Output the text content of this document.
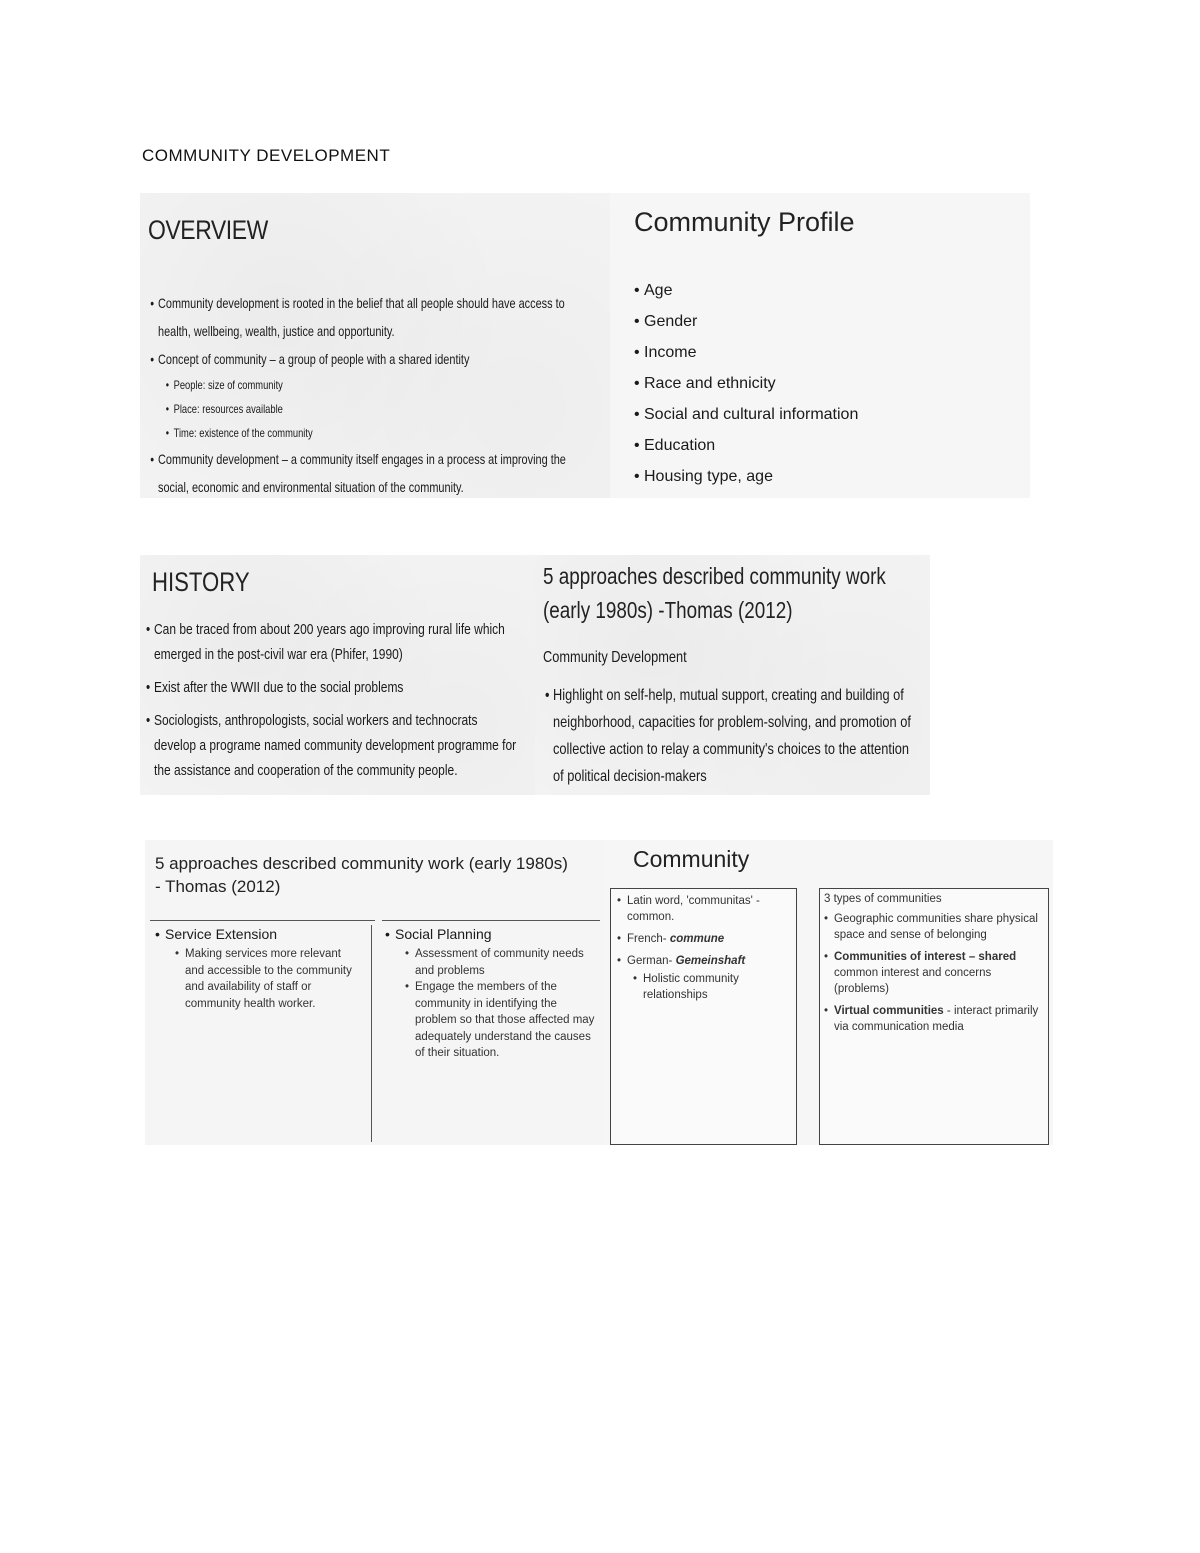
COMMUNITY DEVELOPMENT
OVERVIEW
• Community development is rooted in the belief that all people should have access to health, wellbeing, wealth, justice and opportunity.
• Concept of community – a group of people with a shared identity
• People: size of community
• Place: resources available
• Time: existence of the community
• Community development – a community itself engages in a process at improving the social, economic and environmental situation of the community.
Community Profile
• Age
• Gender
• Income
• Race and ethnicity
• Social and cultural information
• Education
• Housing type, age
HISTORY
• Can be traced from about 200 years ago improving rural life which emerged in the post-civil war era (Phifer, 1990)
• Exist after the WWII due to the social problems
• Sociologists, anthropologists, social workers and technocrats develop a programe named community development programme for the assistance and cooperation of the community people.
5 approaches described community work (early 1980s) -Thomas (2012)
Community Development
• Highlight on self-help, mutual support, creating and building of neighborhood, capacities for problem-solving, and promotion of collective action to relay a community's choices to the attention of political decision-makers
5 approaches described community work (early 1980s) - Thomas (2012)
• Service Extension
• Making services more relevant and accessible to the community and availability of staff or community health worker.
• Social Planning
• Assessment of community needs and problems
• Engage the members of the community in identifying the problem so that those affected may adequately understand the causes of their situation.
Community
• Latin word, 'communitas' - common.
• French- commune
• German- Gemeinshaft
• Holistic community relationships
3 types of communities
• Geographic communities share physical space and sense of belonging
• Communities of interest – shared common interest and concerns (problems)
• Virtual communities - interact primarily via communication media
